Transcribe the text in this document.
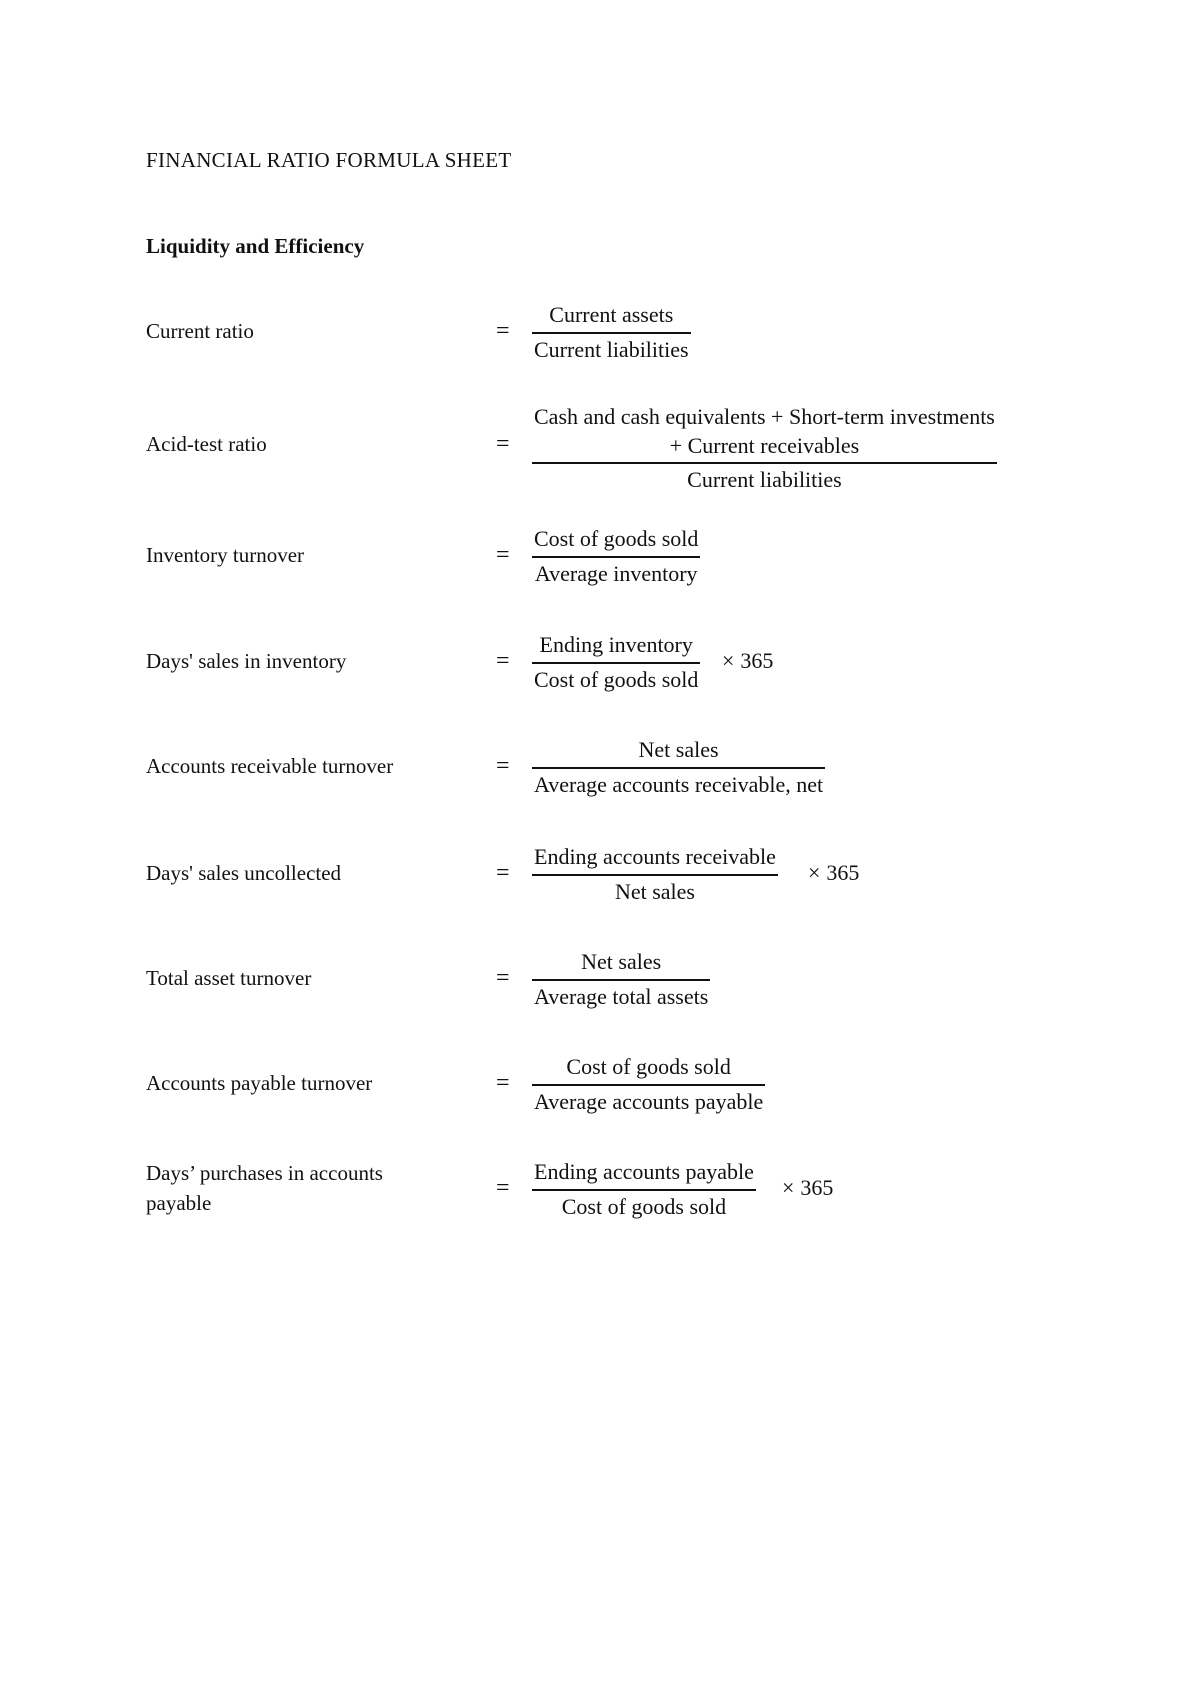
FINANCIAL RATIO FORMULA SHEET
Liquidity and Efficiency
Current ratio	=
Current assets
Current liabilities
Acid-test ratio	=
Cash and cash equivalents + Short-term investments
+ Current receivables
Current liabilities
Inventory turnover	=
Cost of goods sold
Average inventory
Days' sales in inventory	=
Ending inventory
Cost of goods sold
× 365
Accounts receivable turnover	=
Net sales
Average accounts receivable, net
Days' sales uncollected	=
Ending accounts receivable
Net sales
× 365
Total asset turnover	=
Net sales
Average total assets
Accounts payable turnover	=
Cost of goods sold
Average accounts payable
Days’ purchases in accounts payable
=
Ending accounts payable
Cost of goods sold
× 365
